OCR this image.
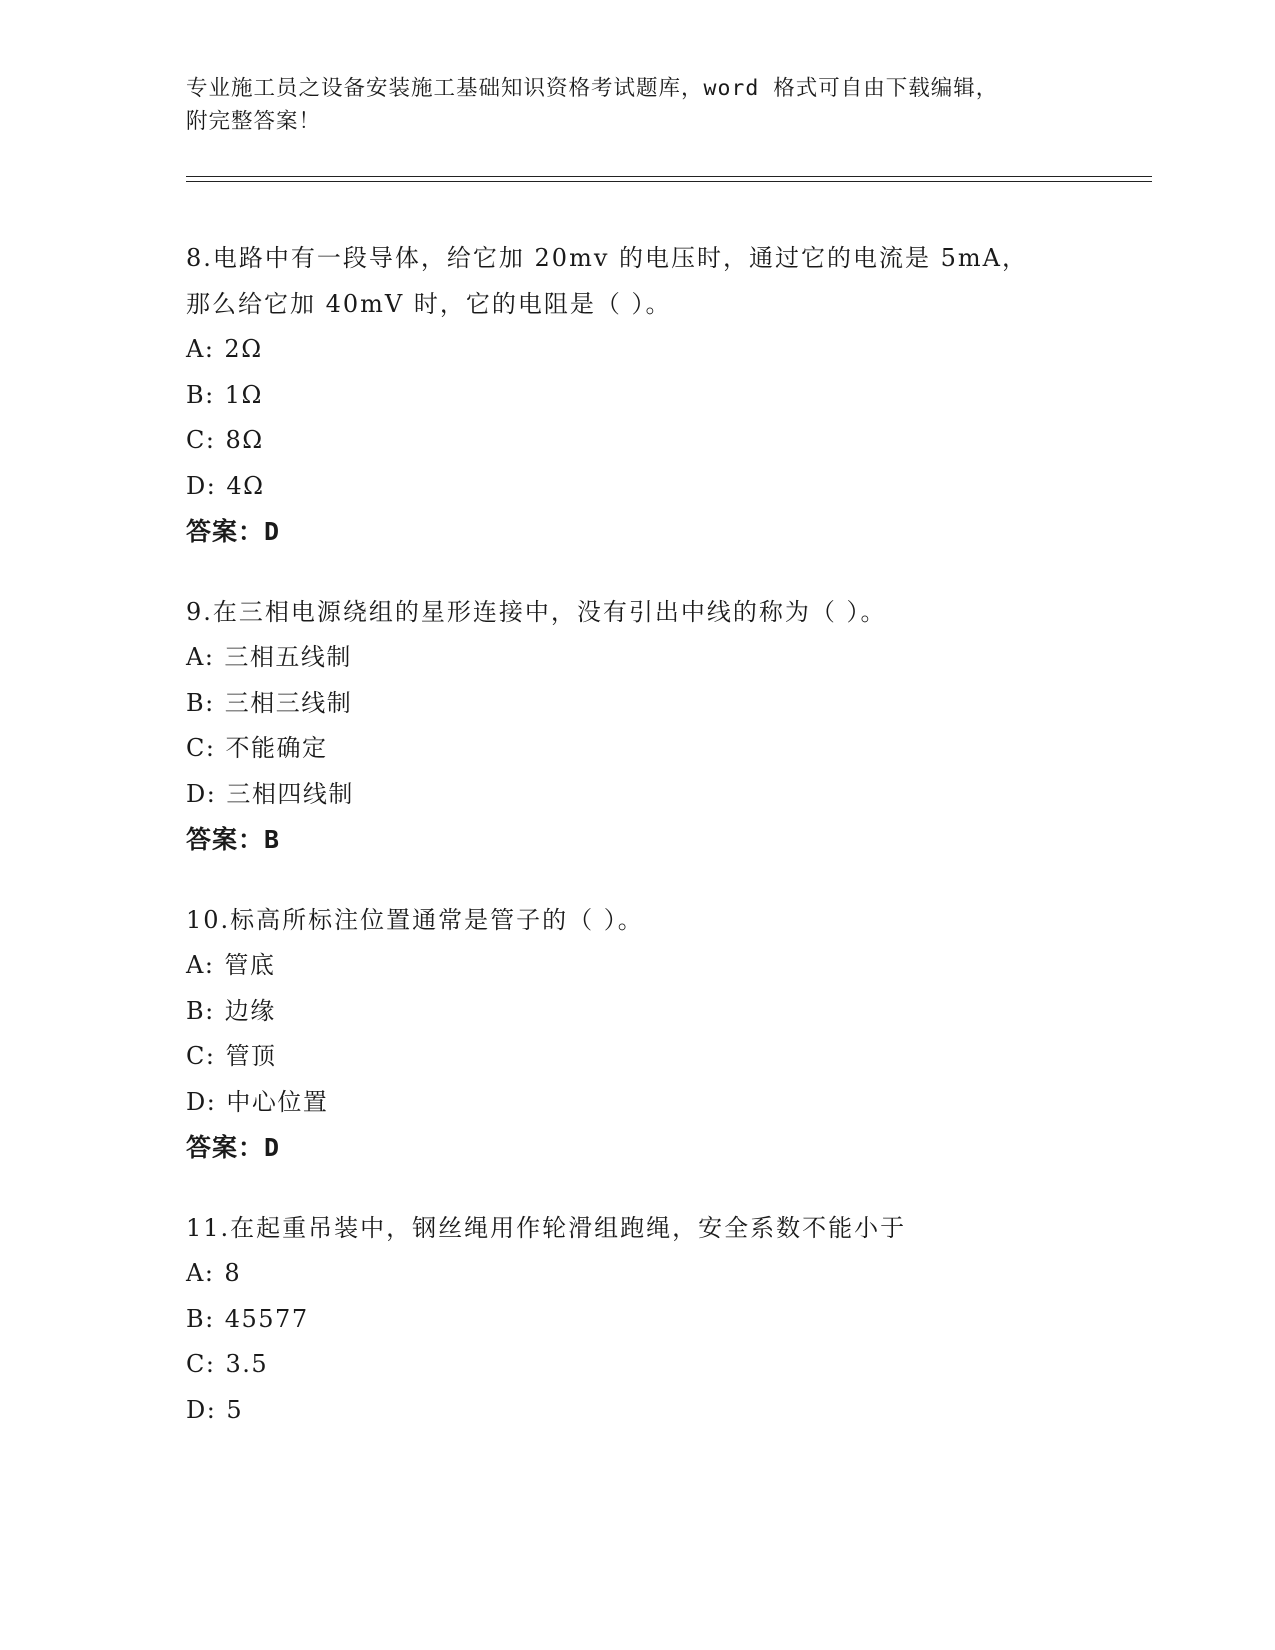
专业施工员之设备安装施工基础知识资格考试题库，word 格式可自由下载编辑，
附完整答案！

8.电路中有一段导体，给它加 20mv 的电压时，通过它的电流是 5mA，

那么给它加 40mV 时，它的电阻是（ ）。

A: 2Ω

B: 1Ω

C: 8Ω

D: 4Ω

答案：D

9.在三相电源绕组的星形连接中，没有引出中线的称为（ ）。

A: 三相五线制

B: 三相三线制

C: 不能确定

D: 三相四线制

答案：B

10.标高所标注位置通常是管子的（ ）。

A: 管底

B: 边缘

C: 管顶

D: 中心位置

答案：D

11.在起重吊装中，钢丝绳用作轮滑组跑绳，安全系数不能小于

A: 8

B: 45577

C: 3.5

D: 5
